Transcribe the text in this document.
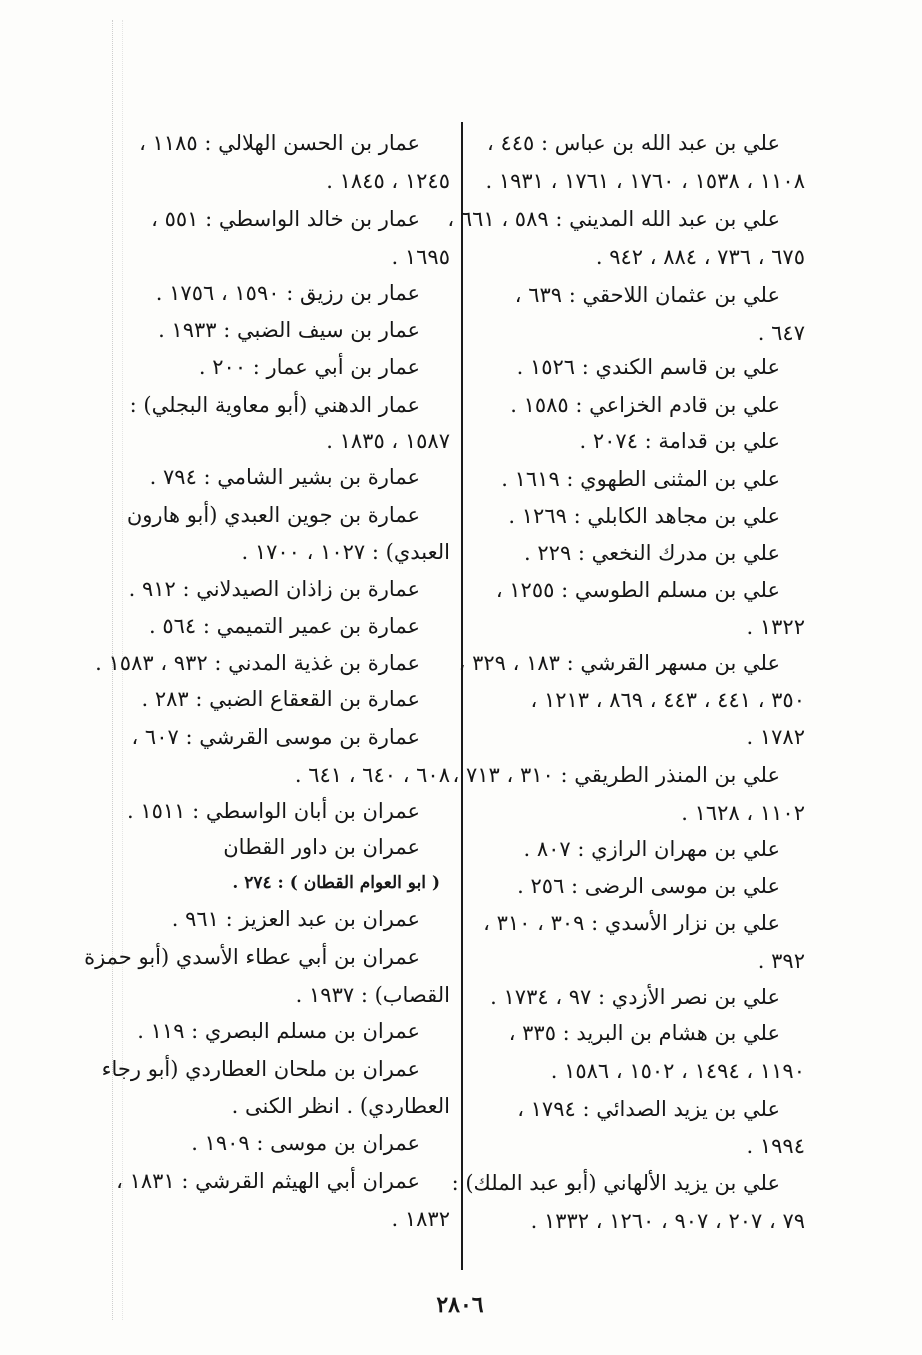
علي بن عبد الله بن عباس : ٤٤٥ ،
١١٠٨ ، ١٥٣٨ ، ١٧٦٠ ، ١٧٦١ ، ١٩٣١ .
علي بن عبد الله المديني : ٥٨٩ ، ٦٦١ ،
٦٧٥ ، ٧٣٦ ، ٨٨٤ ، ٩٤٢ .
علي بن عثمان اللاحقي : ٦٣٩ ،
٦٤٧ .
علي بن قاسم الكندي : ١٥٢٦ .
علي بن قادم الخزاعي : ١٥٨٥ .
علي بن قدامة : ٢٠٧٤ .
علي بن المثنى الطهوي : ١٦١٩ .
علي بن مجاهد الكابلي : ١٢٦٩ .
علي بن مدرك النخعي : ٢٢٩ .
علي بن مسلم الطوسي : ١٢٥٥ ،
١٣٢٢ .
علي بن مسهر القرشي : ١٨٣ ، ٣٢٩ ،
٣٥٠ ، ٤٤١ ، ٤٤٣ ، ٨٦٩ ، ١٢١٣ ،
١٧٨٢ .
علي بن المنذر الطريقي : ٣١٠ ، ٧١٣ ،
١١٠٢ ، ١٦٢٨ .
علي بن مهران الرازي : ٨٠٧ .
علي بن موسى الرضى : ٢٥٦ .
علي بن نزار الأسدي : ٣٠٩ ، ٣١٠ ،
٣٩٢ .
علي بن نصر الأزدي : ٩٧ ، ١٧٣٤ .
علي بن هشام بن البريد : ٣٣٥ ،
١١٩٠ ، ١٤٩٤ ، ١٥٠٢ ، ١٥٨٦ .
علي بن يزيد الصدائي : ١٧٩٤ ،
١٩٩٤ .
علي بن يزيد الألهاني (أبو عبد الملك) :
٧٩ ، ٢٠٧ ، ٩٠٧ ، ١٢٦٠ ، ١٣٣٢ .
عمار بن الحسن الهلالي : ١١٨٥ ،
١٢٤٥ ، ١٨٤٥ .
عمار بن خالد الواسطي : ٥٥١ ،
١٦٩٥ .
عمار بن رزيق : ١٥٩٠ ، ١٧٥٦ .
عمار بن سيف الضبي : ١٩٣٣ .
عمار بن أبي عمار : ٢٠٠ .
عمار الدهني (أبو معاوية البجلي) :
١٥٨٧ ، ١٨٣٥ .
عمارة بن بشير الشامي : ٧٩٤ .
عمارة بن جوين العبدي (أبو هارون
العبدي) : ١٠٢٧ ، ١٧٠٠ .
عمارة بن زاذان الصيدلاني : ٩١٢ .
عمارة بن عمير التميمي : ٥٦٤ .
عمارة بن غذية المدني : ٩٣٢ ، ١٥٨٣ .
عمارة بن القعقاع الضبي : ٢٨٣ .
عمارة بن موسى القرشي : ٦٠٧ ،
٦٠٨ ، ٦٤٠ ، ٦٤١ .
عمران بن أبان الواسطي : ١٥١١ .
عمران بن داور القطان
( ابو العوام القطان ) : ٢٧٤ .
عمران بن عبد العزيز : ٩٦١ .
عمران بن أبي عطاء الأسدي (أبو حمزة
القصاب) : ١٩٣٧ .
عمران بن مسلم البصري : ١١٩ .
عمران بن ملحان العطاردي (أبو رجاء
العطاردي) . انظر الكنى .
عمران بن موسى : ١٩٠٩ .
عمران أبي الهيثم القرشي : ١٨٣١ ،
١٨٣٢ .
٢٨٠٦
